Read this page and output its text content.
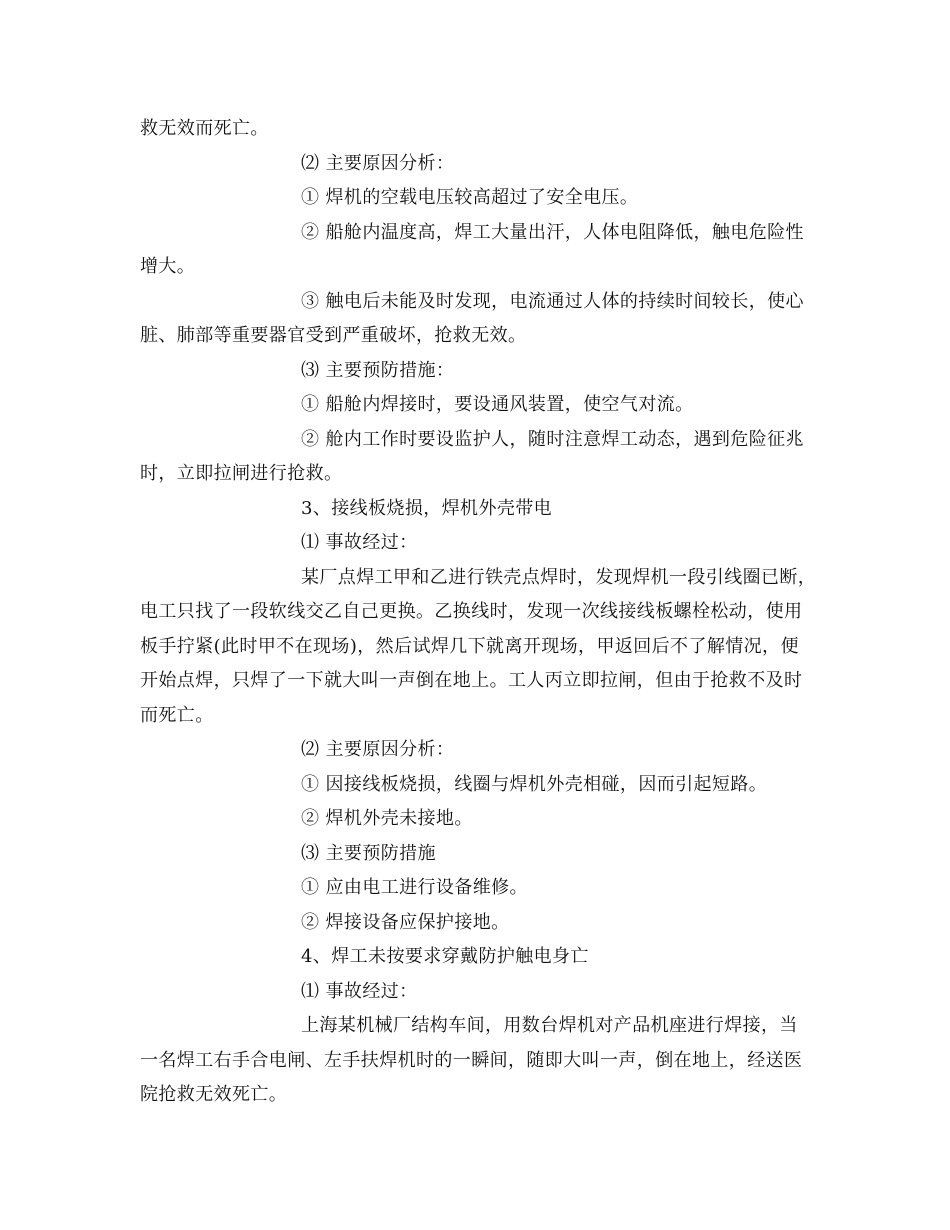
救无效而死亡。
⑵ 主要原因分析：
① 焊机的空载电压较高超过了安全电压。
② 船舱内温度高，焊工大量出汗，人体电阻降低，触电危险性
增大。
③ 触电后未能及时发现，电流通过人体的持续时间较长，使心
脏、肺部等重要器官受到严重破坏，抢救无效。
⑶ 主要预防措施：
① 船舱内焊接时，要设通风装置，使空气对流。
② 舱内工作时要设监护人，随时注意焊工动态，遇到危险征兆
时，立即拉闸进行抢救。
3、接线板烧损，焊机外壳带电
⑴ 事故经过：
某厂点焊工甲和乙进行铁壳点焊时，发现焊机一段引线圈已断，
电工只找了一段软线交乙自己更换。乙换线时，发现一次线接线板螺栓松动，使用
板手拧紧(此时甲不在现场)，然后试焊几下就离开现场，甲返回后不了解情况，便
开始点焊，只焊了一下就大叫一声倒在地上。工人丙立即拉闸，但由于抢救不及时
而死亡。
⑵ 主要原因分析：
① 因接线板烧损，线圈与焊机外壳相碰，因而引起短路。
② 焊机外壳未接地。
⑶ 主要预防措施
① 应由电工进行设备维修。
② 焊接设备应保护接地。
4、焊工未按要求穿戴防护触电身亡
⑴ 事故经过：
上海某机械厂结构车间，用数台焊机对产品机座进行焊接，当
一名焊工右手合电闸、左手扶焊机时的一瞬间，随即大叫一声，倒在地上，经送医
院抢救无效死亡。
